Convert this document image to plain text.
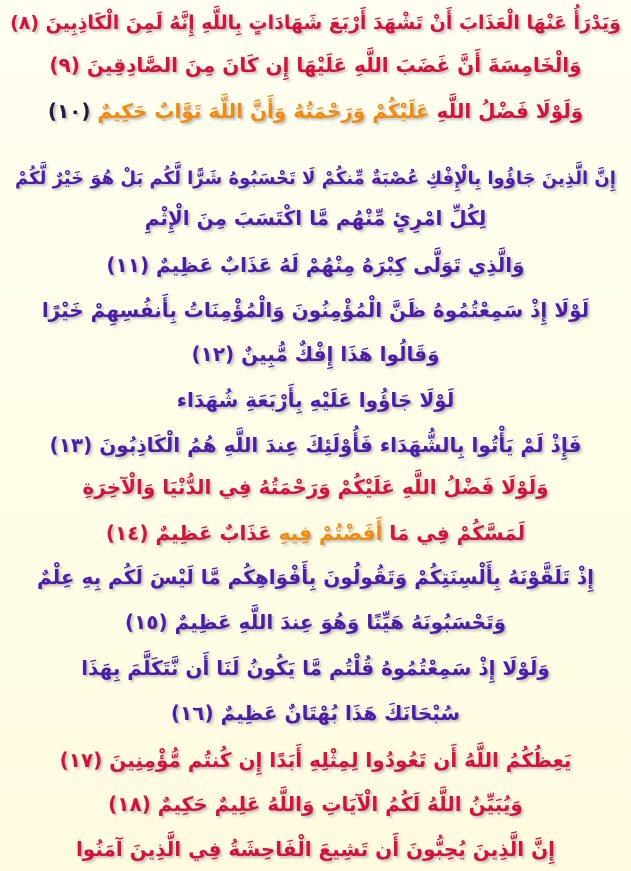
وَيَدْرَأُ عَنْهَا الْعَذَابَ أَنْ تَشْهَدَ أَرْبَعَ شَهَادَاتٍ بِاللَّهِ إِنَّهُ لَمِنَ الْكَاذِبِينَ (٨)
وَالْخَامِسَةَ أَنَّ غَضَبَ اللَّهِ عَلَيْهَا إِن كَانَ مِنَ الصَّادِقِينَ (٩)
وَلَوْلَا فَضْلُ اللَّهِ عَلَيْكُمْ وَرَحْمَتُهُ وَأَنَّ اللَّهَ تَوَّابٌ حَكِيمٌ (١٠)
إِنَّ الَّذِينَ جَاؤُوا بِالْإِفْكِ عُصْبَةٌ مِّنكُمْ لَا تَحْسَبُوهُ شَرًّا لَّكُم بَلْ هُوَ خَيْرٌ لَّكُمْ
لِكُلِّ امْرِئٍ مِّنْهُم مَّا اكْتَسَبَ مِنَ الْإِثْمِ
وَالَّذِي تَوَلَّى كِبْرَهُ مِنْهُمْ لَهُ عَذَابٌ عَظِيمٌ (١١)
لَوْلَا إِذْ سَمِعْتُمُوهُ ظَنَّ الْمُؤْمِنُونَ وَالْمُؤْمِنَاتُ بِأَنفُسِهِمْ خَيْرًا
وَقَالُوا هَذَا إِفْكٌ مُّبِينٌ (١٢)
لَوْلَا جَاؤُوا عَلَيْهِ بِأَرْبَعَةِ شُهَدَاء
فَإِذْ لَمْ يَأْتُوا بِالشُّهَدَاء فَأُوْلَئِكَ عِندَ اللَّهِ هُمُ الْكَاذِبُونَ (١٣)
وَلَوْلَا فَضْلُ اللَّهِ عَلَيْكُمْ وَرَحْمَتُهُ فِي الدُّنْيَا وَالْآخِرَةِ
لَمَسَّكُمْ فِي مَا أَفَضْتُمْ فِيهِ عَذَابٌ عَظِيمٌ (١٤)
إِذْ تَلَقَّوْنَهُ بِأَلْسِنَتِكُمْ وَتَقُولُونَ بِأَفْوَاهِكُم مَّا لَيْسَ لَكُم بِهِ عِلْمٌ
وَتَحْسَبُونَهُ هَيِّنًا وَهُوَ عِندَ اللَّهِ عَظِيمٌ (١٥)
وَلَوْلَا إِذْ سَمِعْتُمُوهُ قُلْتُم مَّا يَكُونُ لَنَا أَن نَّتَكَلَّمَ بِهَذَا
سُبْحَانَكَ هَذَا بُهْتَانٌ عَظِيمٌ (١٦)
يَعِظُكُمُ اللَّهُ أَن تَعُودُوا لِمِثْلِهِ أَبَدًا إِن كُنتُم مُّؤْمِنِينَ (١٧)
وَيُبَيِّنُ اللَّهُ لَكُمُ الْآيَاتِ وَاللَّهُ عَلِيمٌ حَكِيمٌ (١٨)
إِنَّ الَّذِينَ يُحِبُّونَ أَن تَشِيعَ الْفَاحِشَةُ فِي الَّذِينَ آمَنُوا
